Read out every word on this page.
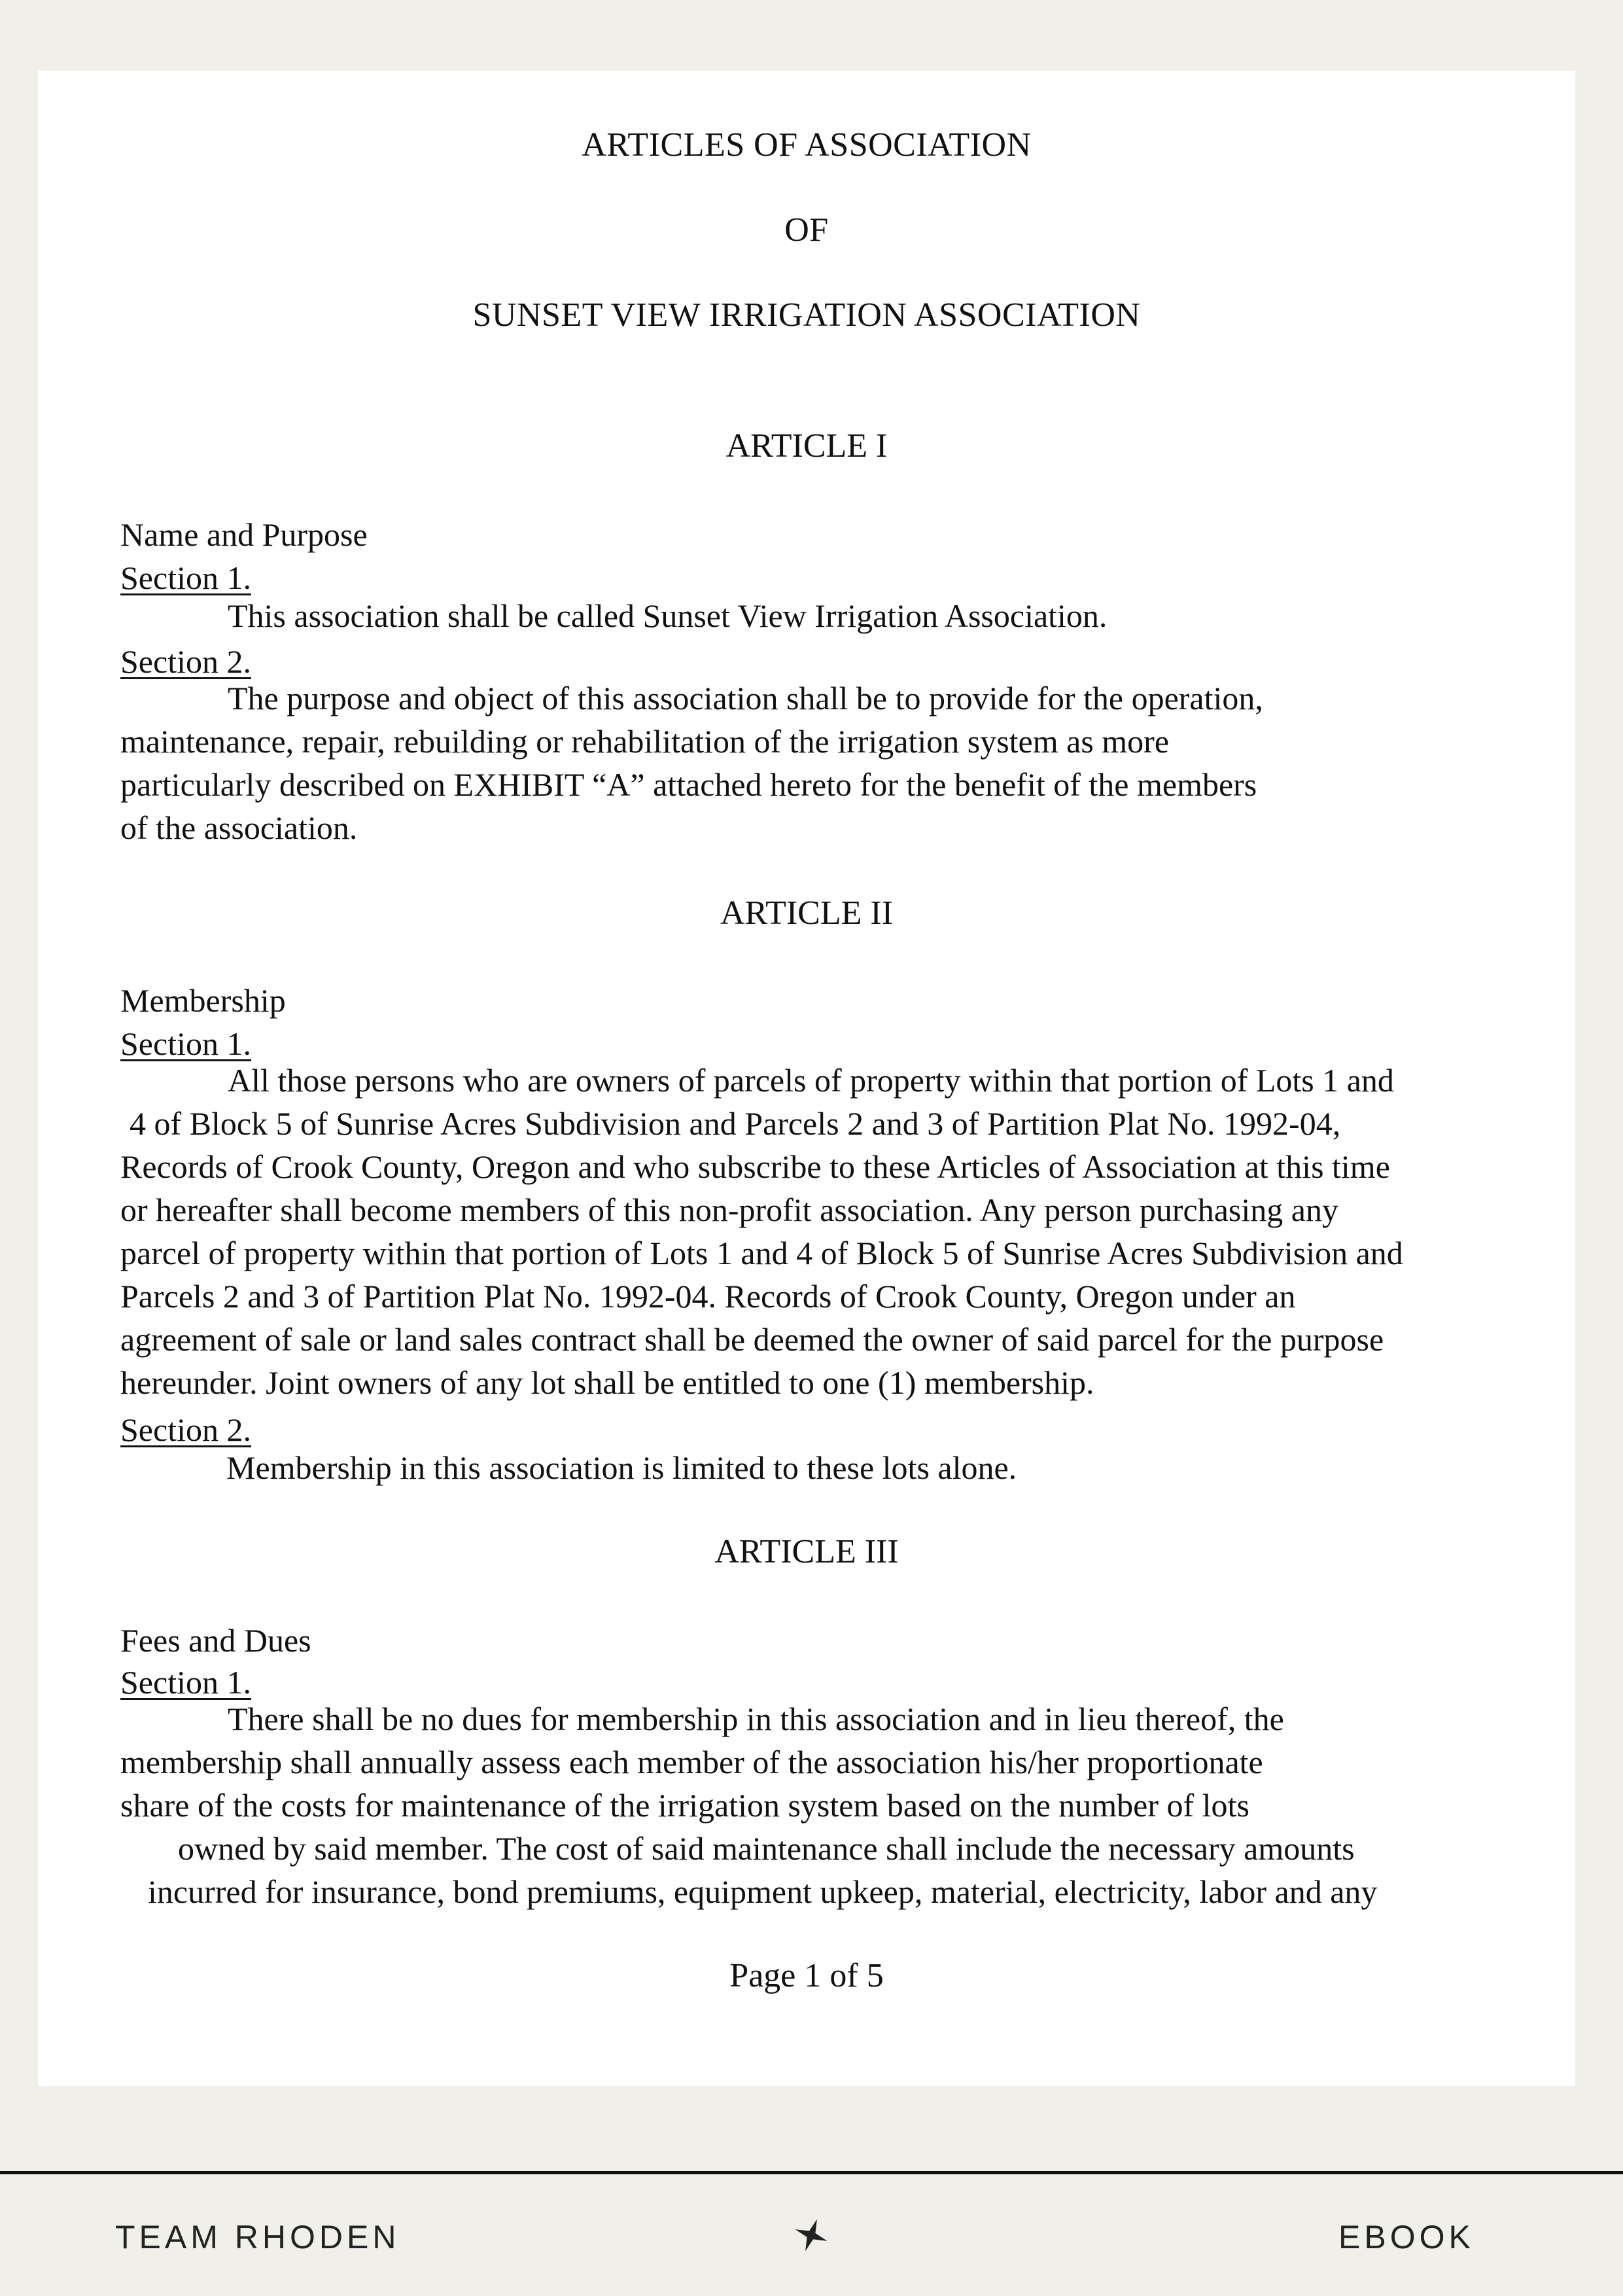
ARTICLES OF ASSOCIATION
OF
SUNSET VIEW IRRIGATION ASSOCIATION
ARTICLE I
Name and Purpose
Section 1.
This association shall be called Sunset View Irrigation Association.
Section 2.

The purpose and object of this association shall be to provide for the operation,

maintenance, repair, rebuilding or rehabilitation of the irrigation system as more

particularly described on EXHIBIT “A” attached hereto for the benefit of the members

of the association.

ARTICLE II
Membership
Section 1.

All those persons who are owners of parcels of property within that portion of Lots 1 and

4 of Block 5 of Sunrise Acres Subdivision and Parcels 2 and 3 of Partition Plat No. 1992-04,

Records of Crook County, Oregon and who subscribe to these Articles of Association at this time

or hereafter shall become members of this non-profit association. Any person purchasing any

parcel of property within that portion of Lots 1 and 4 of Block 5 of Sunrise Acres Subdivision and

Parcels 2 and 3 of Partition Plat No. 1992-04. Records of Crook County, Oregon under an

agreement of sale or land sales contract shall be deemed the owner of said parcel for the purpose

hereunder. Joint owners of any lot shall be entitled to one (1) membership.

Section 2.
Membership in this association is limited to these lots alone.
ARTICLE III
Fees and Dues
Section 1.

There shall be no dues for membership in this association and in lieu thereof, the

membership shall annually assess each member of the association his/her proportionate

share of the costs for maintenance of the irrigation system based on the number of lots

owned by said member. The cost of said maintenance shall include the necessary amounts

incurred for insurance, bond premiums, equipment upkeep, material, electricity, labor and any

Page 1 of 5
TEAM RHODEN	EBOOK
